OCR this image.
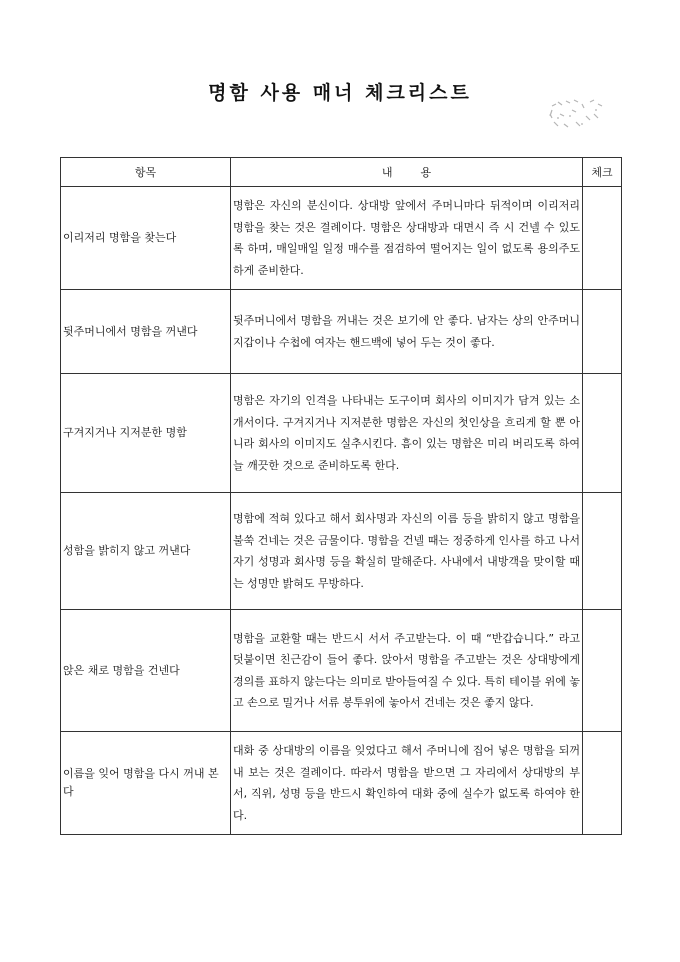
명함 사용 매너 체크리스트
항목	내        용	체크
이리저리 명함을 찾는다	명함은 자신의 분신이다. 상대방 앞에서 주머니마다 뒤적이며 이리저리 명함을 찾는 것은 결례이다. 명함은 상대방과 대면시 즉 시 건넬 수 있도록 하며, 매일매일 일정 매수를 점검하여 떨어지는 일이 없도록 용의주도하게 준비한다.	
뒷주머니에서 명함을 꺼낸다	뒷주머니에서 명함을 꺼내는 것은 보기에 안 좋다. 남자는 상의 안주머니 지갑이나 수첩에 여자는 핸드백에 넣어 두는 것이 좋다.	
구겨지거나 지저분한 명함	명함은 자기의 인격을 나타내는 도구이며 회사의 이미지가 담겨 있는 소개서이다. 구겨지거나 지저분한 명함은 자신의 첫인상을 흐리게 할 뿐 아니라 회사의 이미지도 실추시킨다. 흠이 있는 명함은 미리 버리도록 하여 늘 깨끗한 것으로 준비하도록 한다.	
성함을 밝히지 않고 꺼낸다	명함에 적혀 있다고 해서 회사명과 자신의 이름 등을 밝히지 않고 명함을 불쑥 건네는 것은 금물이다. 명함을 건넬 때는 정중하게 인사를 하고 나서 자기 성명과 회사명 등을 확실히 말해준다. 사내에서 내방객을 맞이할 때는 성명만 밝혀도 무방하다.	
앉은 채로 명함을 건넨다	명함을 교환할 때는 반드시 서서 주고받는다. 이 때 “반갑습니다.” 라고 덧붙이면 친근감이 들어 좋다. 앉아서 명함을 주고받는 것은 상대방에게 경의를 표하지 않는다는 의미로 받아들여질 수 있다. 특히 테이블 위에 놓고 손으로 밀거나 서류 봉투위에 놓아서 건네는 것은 좋지 않다.	
이름을 잊어 명함을 다시 꺼내 본다	대화 중 상대방의 이름을 잊었다고 해서 주머니에 집어 넣은 명함을 되꺼내 보는 것은 결례이다. 따라서 명함을 받으면 그 자리에서 상대방의 부서, 직위, 성명 등을 반드시 확인하여 대화 중에 실수가 없도록 하여야 한다.	
